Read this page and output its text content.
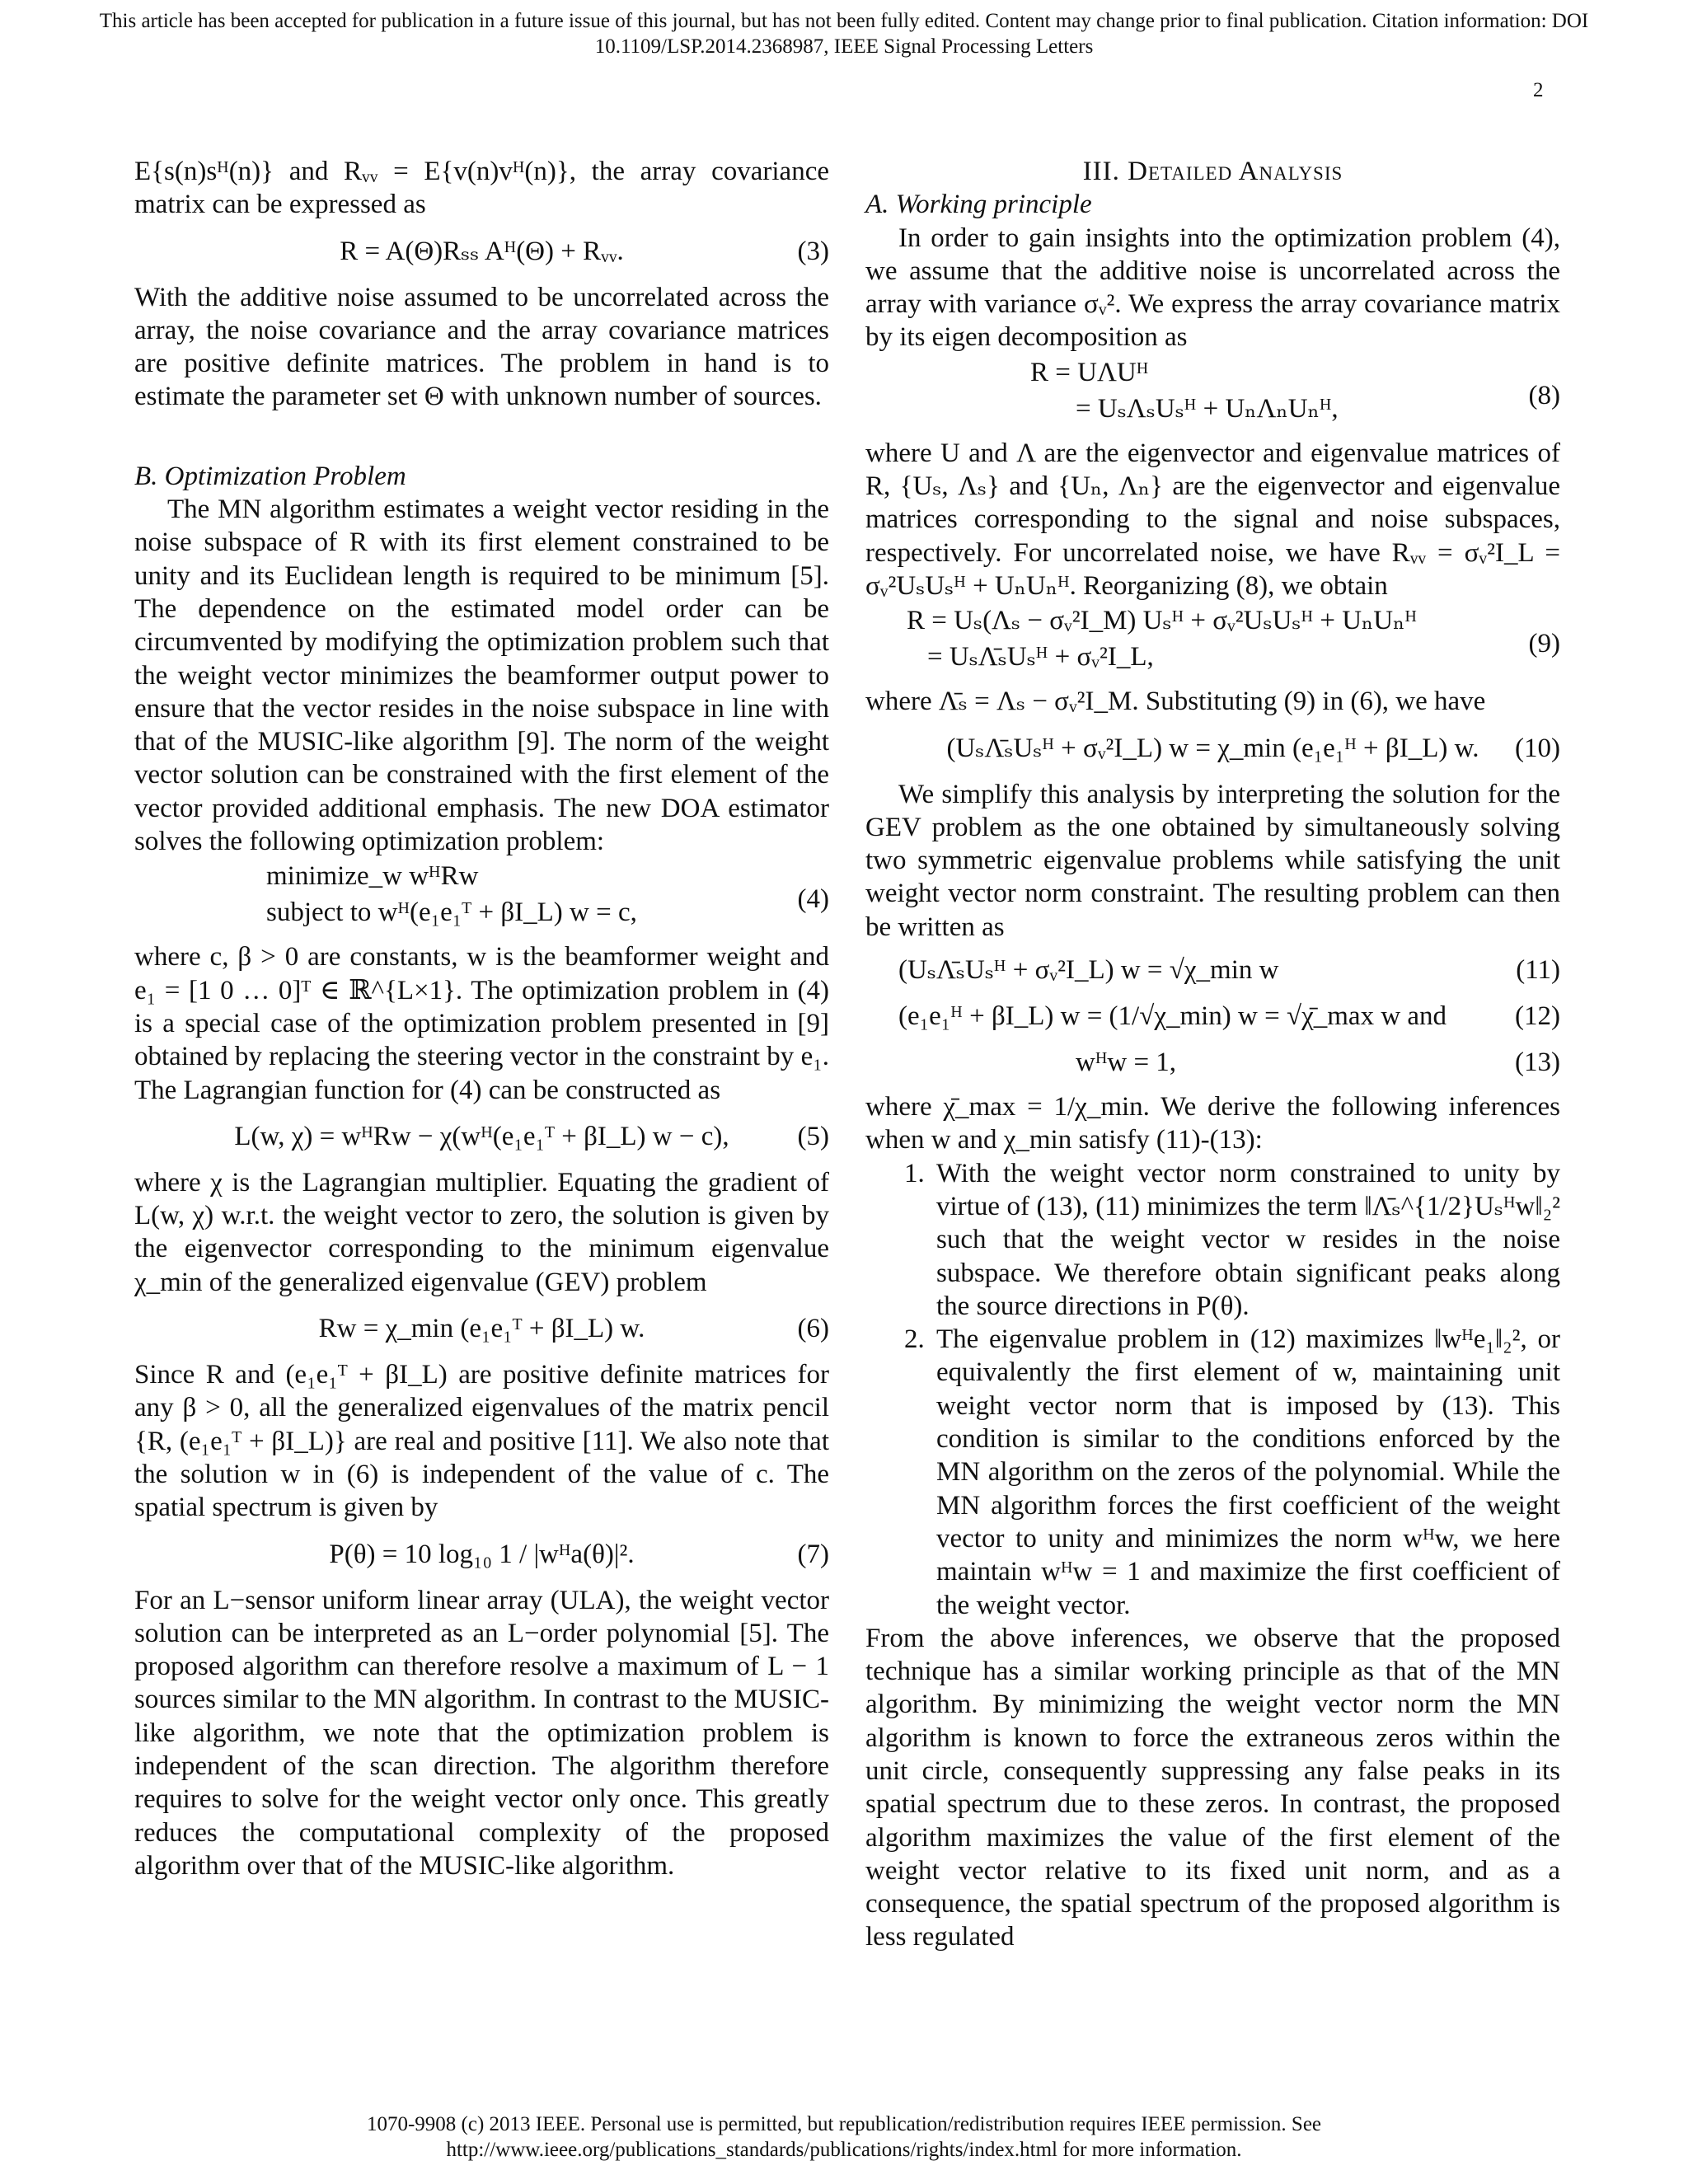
This article has been accepted for publication in a future issue of this journal, but has not been fully edited. Content may change prior to final publication. Citation information: DOI
10.1109/LSP.2014.2368987, IEEE Signal Processing Letters
2

E{s(n)sᴴ(n)} and Rᵥᵥ = E{v(n)vᴴ(n)}, the array covariance matrix can be expressed as

R = A(Θ)Rₛₛ Aᴴ(Θ) + Rᵥᵥ.	(3)

With the additive noise assumed to be uncorrelated across the array, the noise covariance and the array covariance matrices are positive definite matrices. The problem in hand is to estimate the parameter set Θ with unknown number of sources.

B. Optimization Problem

The MN algorithm estimates a weight vector residing in the noise subspace of R with its first element constrained to be unity and its Euclidean length is required to be minimum [5]. The dependence on the estimated model order can be circumvented by modifying the optimization problem such that the weight vector minimizes the beamformer output power to ensure that the vector resides in the noise subspace in line with that of the MUSIC-like algorithm [9]. The norm of the weight vector solution can be constrained with the first element of the vector provided additional emphasis. The new DOA estimator solves the following optimization problem:

minimize_w wᴴRw
subject to wᴴ(e₁e₁ᵀ + βI_L) w = c,	(4)

where c, β > 0 are constants, w is the beamformer weight and e₁ = [1 0 … 0]ᵀ ∈ ℝ^{L×1}. The optimization problem in (4) is a special case of the optimization problem presented in [9] obtained by replacing the steering vector in the constraint by e₁. The Lagrangian function for (4) can be constructed as

L(w, χ) = wᴴRw − χ(wᴴ(e₁e₁ᵀ + βI_L) w − c),	(5)

where χ is the Lagrangian multiplier. Equating the gradient of L(w, χ) w.r.t. the weight vector to zero, the solution is given by the eigenvector corresponding to the minimum eigenvalue χ_min of the generalized eigenvalue (GEV) problem

Rw = χ_min (e₁e₁ᵀ + βI_L) w.	(6)

Since R and (e₁e₁ᵀ + βI_L) are positive definite matrices for any β > 0, all the generalized eigenvalues of the matrix pencil {R, (e₁e₁ᵀ + βI_L)} are real and positive [11]. We also note that the solution w in (6) is independent of the value of c. The spatial spectrum is given by

P(θ) = 10 log₁₀ 1 / |wᴴa(θ)|².	(7)

For an L−sensor uniform linear array (ULA), the weight vector solution can be interpreted as an L−order polynomial [5]. The proposed algorithm can therefore resolve a maximum of L − 1 sources similar to the MN algorithm. In contrast to the MUSIC-like algorithm, we note that the optimization problem is independent of the scan direction. The algorithm therefore requires to solve for the weight vector only once. This greatly reduces the computational complexity of the proposed algorithm over that of the MUSIC-like algorithm.

III. Detailed Analysis

A. Working principle

In order to gain insights into the optimization problem (4), we assume that the additive noise is uncorrelated across the array with variance σᵥ². We express the array covariance matrix by its eigen decomposition as

R = UΛUᴴ
= UₛΛₛUₛᴴ + UₙΛₙUₙᴴ,	(8)

where U and Λ are the eigenvector and eigenvalue matrices of R, {Uₛ, Λₛ} and {Uₙ, Λₙ} are the eigenvector and eigenvalue matrices corresponding to the signal and noise subspaces, respectively. For uncorrelated noise, we have Rᵥᵥ = σᵥ²I_L = σᵥ²UₛUₛᴴ + UₙUₙᴴ. Reorganizing (8), we obtain

R = Uₛ(Λₛ − σᵥ²I_M) Uₛᴴ + σᵥ²UₛUₛᴴ + UₙUₙᴴ
= UₛΛ̄ₛUₛᴴ + σᵥ²I_L,	(9)

where Λ̄ₛ = Λₛ − σᵥ²I_M. Substituting (9) in (6), we have

(UₛΛ̄ₛUₛᴴ + σᵥ²I_L) w = χ_min (e₁e₁ᴴ + βI_L) w. (10)

We simplify this analysis by interpreting the solution for the GEV problem as the one obtained by simultaneously solving two symmetric eigenvalue problems while satisfying the unit weight vector norm constraint. The resulting problem can then be written as

(UₛΛ̄ₛUₛᴴ + σᵥ²I_L) w = √χ_min w	(11)
(e₁e₁ᴴ + βI_L) w = (1/√χ_min) w = √χ̄_max w and	(12)
wᴴw = 1,	(13)

where χ̄_max = 1/χ_min. We derive the following inferences when w and χ_min satisfy (11)-(13):

1. With the weight vector norm constrained to unity by virtue of (13), (11) minimizes the term ‖Λ̄ₛ^{1/2}Uₛᴴw‖₂² such that the weight vector w resides in the noise subspace. We therefore obtain significant peaks along the source directions in P(θ).
2. The eigenvalue problem in (12) maximizes ‖wᴴe₁‖₂², or equivalently the first element of w, maintaining unit weight vector norm that is imposed by (13). This condition is similar to the conditions enforced by the MN algorithm on the zeros of the polynomial. While the MN algorithm forces the first coefficient of the weight vector to unity and minimizes the norm wᴴw, we here maintain wᴴw = 1 and maximize the first coefficient of the weight vector.

From the above inferences, we observe that the proposed technique has a similar working principle as that of the MN algorithm. By minimizing the weight vector norm the MN algorithm is known to force the extraneous zeros within the unit circle, consequently suppressing any false peaks in its spatial spectrum due to these zeros. In contrast, the proposed algorithm maximizes the value of the first element of the weight vector relative to its fixed unit norm, and as a consequence, the spatial spectrum of the proposed algorithm is less regulated

1070-9908 (c) 2013 IEEE. Personal use is permitted, but republication/redistribution requires IEEE permission. See
http://www.ieee.org/publications_standards/publications/rights/index.html for more information.
